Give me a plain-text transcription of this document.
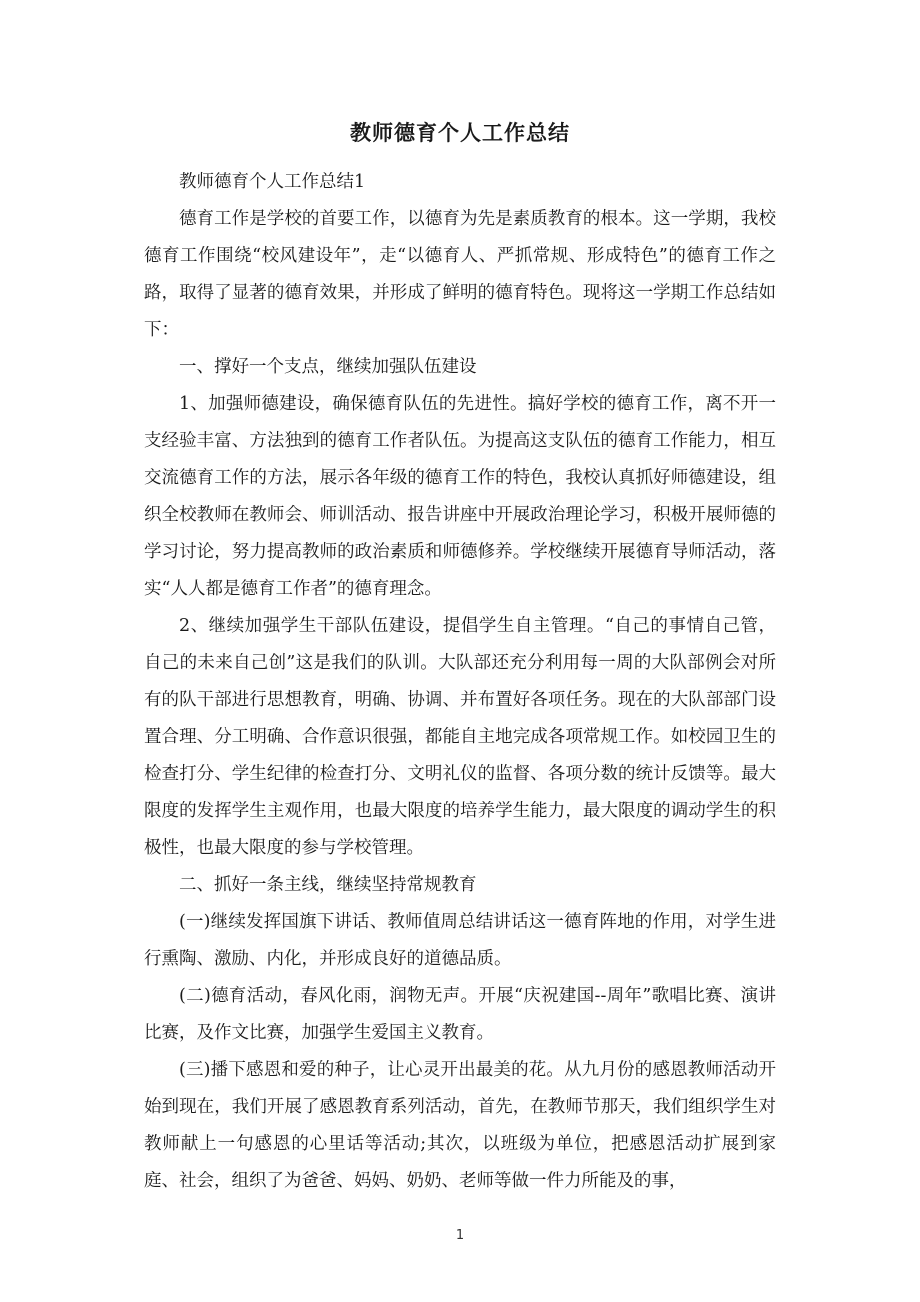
教师德育个人工作总结

教师德育个人工作总结1

德育工作是学校的首要工作，以德育为先是素质教育的根本。这一学期，我校德育工作围绕“校风建设年”，走“以德育人、严抓常规、形成特色”的德育工作之路，取得了显著的德育效果，并形成了鲜明的德育特色。现将这一学期工作总结如下：

一、撑好一个支点，继续加强队伍建设

1、加强师德建设，确保德育队伍的先进性。搞好学校的德育工作，离不开一支经验丰富、方法独到的德育工作者队伍。为提高这支队伍的德育工作能力，相互交流德育工作的方法，展示各年级的德育工作的特色，我校认真抓好师德建设，组织全校教师在教师会、师训活动、报告讲座中开展政治理论学习，积极开展师德的学习讨论，努力提高教师的政治素质和师德修养。学校继续开展德育导师活动，落实“人人都是德育工作者”的德育理念。

2、继续加强学生干部队伍建设，提倡学生自主管理。“自己的事情自己管，自己的未来自己创”这是我们的队训。大队部还充分利用每一周的大队部例会对所有的队干部进行思想教育，明确、协调、并布置好各项任务。现在的大队部部门设置合理、分工明确、合作意识很强，都能自主地完成各项常规工作。如校园卫生的检查打分、学生纪律的检查打分、文明礼仪的监督、各项分数的统计反馈等。最大限度的发挥学生主观作用，也最大限度的培养学生能力，最大限度的调动学生的积极性，也最大限度的参与学校管理。

二、抓好一条主线，继续坚持常规教育

(一)继续发挥国旗下讲话、教师值周总结讲话这一德育阵地的作用，对学生进行熏陶、激励、内化，并形成良好的道德品质。

(二)德育活动，春风化雨，润物无声。开展“庆祝建国--周年”歌唱比赛、演讲比赛，及作文比赛，加强学生爱国主义教育。

(三)播下感恩和爱的种子，让心灵开出最美的花。从九月份的感恩教师活动开始到现在，我们开展了感恩教育系列活动，首先，在教师节那天，我们组织学生对教师献上一句感恩的心里话等活动;其次，以班级为单位，把感恩活动扩展到家庭、社会，组织了为爸爸、妈妈、奶奶、老师等做一件力所能及的事，

1
